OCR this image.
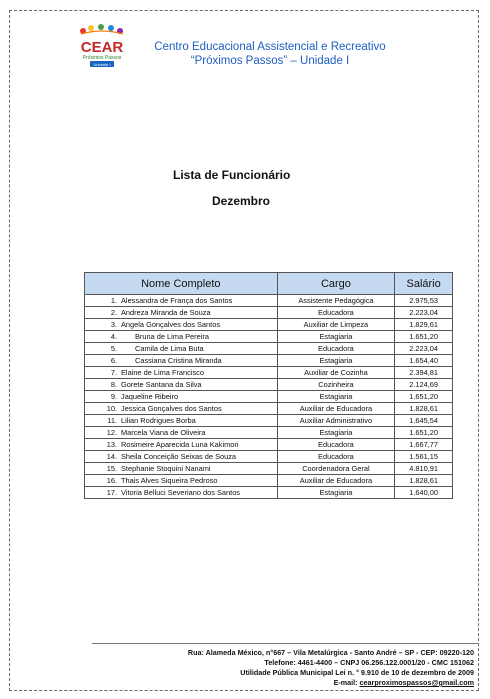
CEAR
Próximos Passos
Unidade I
Centro Educacional Assistencial e Recreativo
“Próximos Passos” – Unidade I
Lista de Funcionário
Dezembro
Nome Completo	Cargo	Salário
1. Alessandra de França dos Santos	Assistente Pedagógica	2.975,53
2. Andreza Miranda de Souza	Educadora	2.223,04
3. Angela Gonçalves dos Santos	Auxiliar de Limpeza	1.829,61
4. Bruna de Lima Pereira	Estagiaria	1.651,20
5. Camila de Lima Buta	Educadora	2.223,04
6. Cassiana Cristina Miranda	Estagiaria	1.654,40
7. Elaine de Lima Francisco	Auxiliar de Cozinha	2.394,81
8. Gorete Santana da Silva	Cozinheira	2.124,69
9. Jaqueline Ribeiro	Estagiaria	1.651,20
10. Jessica Gonçalves dos Santos	Auxiliar de Educadora	1.828,61
11. Lilian Rodrigues Borba	Auxiliar Administrativo	1.645,54
12. Marcela Viana de Oliveira	Estagiaria	1.651,20
13. Rosimeire Aparecida Luna Kakimori	Educadora	1.667,77
14. Sheila Conceição Seixas de Souza	Educadora	1.561,15
15. Stephanie Stoquini Nanami	Coordenadora Geral	4.810,91
16. Thais Alves Siqueira Pedroso	Auxiliar de Educadora	1.828,61
17. Vitoria Belluci Severiano dos Santos	Estagiaria	1.640,00
Rua: Alameda México, n°667 – Vila Metalúrgica - Santo André – SP - CEP: 09220-120
Telefone: 4461-4400 – CNPJ 06.256.122.0001/20 - CMC 151062
Utilidade Pública Municipal Lei n. ° 9.910 de 10 de dezembro de 2009
E-mail: cearproximospassos@gmail.com
